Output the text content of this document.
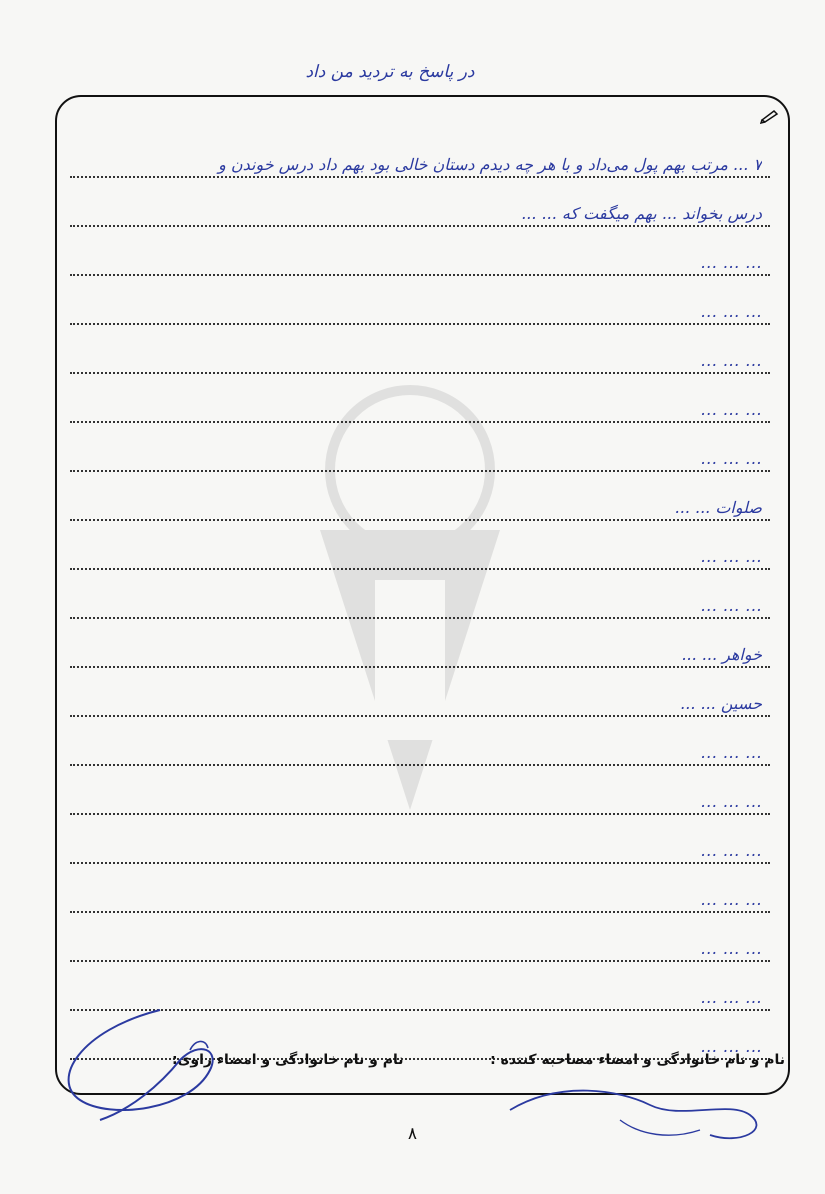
در پاسخ به تردید من داد
۷ ... مرتب بهم پول می‌داد و با هر چه دیدم دستان خالی بود بهم داد درس خوندن و
درس بخواند ... بهم میگفت که ... ...
... ... ...
... ... ...
... ... ...
... ... ...
... ... ...
صلوات ... ...
... ... ...
... ... ...
خواهر ... ...
حسین ... ...
... ... ...
... ... ...
... ... ...
... ... ...
... ... ...
... ... ...
... ... ...
نام و نام خانوادگی و امضاء مصاحبه کننده :
نام و نام خانوادگی و امضاء راوی:
۸
